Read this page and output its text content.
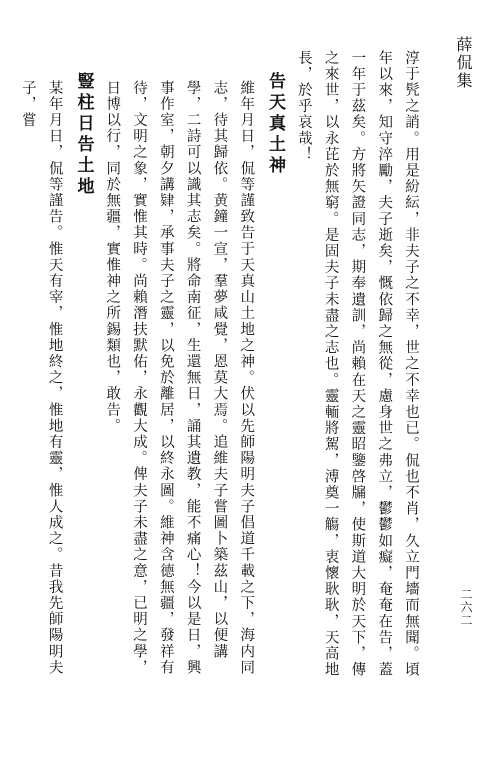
薛侃集
二六二

淳于髠之誚。用是紛紜，非夫子之不幸，世之不幸也已。侃也不肖，久立門墻而無聞。頃年以來，知守淬勵，夫子逝矣，慨依歸之無從，慮身世之弗立，鬱鬱如癡，奄奄在告，蓋一年于茲矣。方將矢證同志，期奉遺訓，尚賴在天之靈昭鑒啓牖，使斯道大明於天下，傳之來世，以永芘於無窮。是固夫子未盡之志也。靈輀將駕，溥奠一觴，衷懷耿耿，天高地長，於乎哀哉！

告天真土神

維年月日，侃等謹致告于天真山土地之神。伏以先師陽明夫子倡道千載之下，海内同志，待其歸依。黄鐘一宣，羣夢咸覺，恩莫大焉。追維夫子嘗圖卜築茲山，以便講學，二詩可以識其志矣。將命南征，生還無日，誦其遺教，能不痛心！今以是日，興事作室，朝夕講肄，承事夫子之靈，以免於離居，以終永圖。維神含德無疆，發祥有待，文明之象，實惟其時。尚賴潛扶默佑，永觀大成。俾夫子未盡之意，已明之學，日博以行，同於無疆，實惟神之所錫類也，敢告。

豎柱日告土地

某年月日，侃等謹告。惟天有宰，惟地終之，惟地有靈，惟人成之。昔我先師陽明夫子，嘗
